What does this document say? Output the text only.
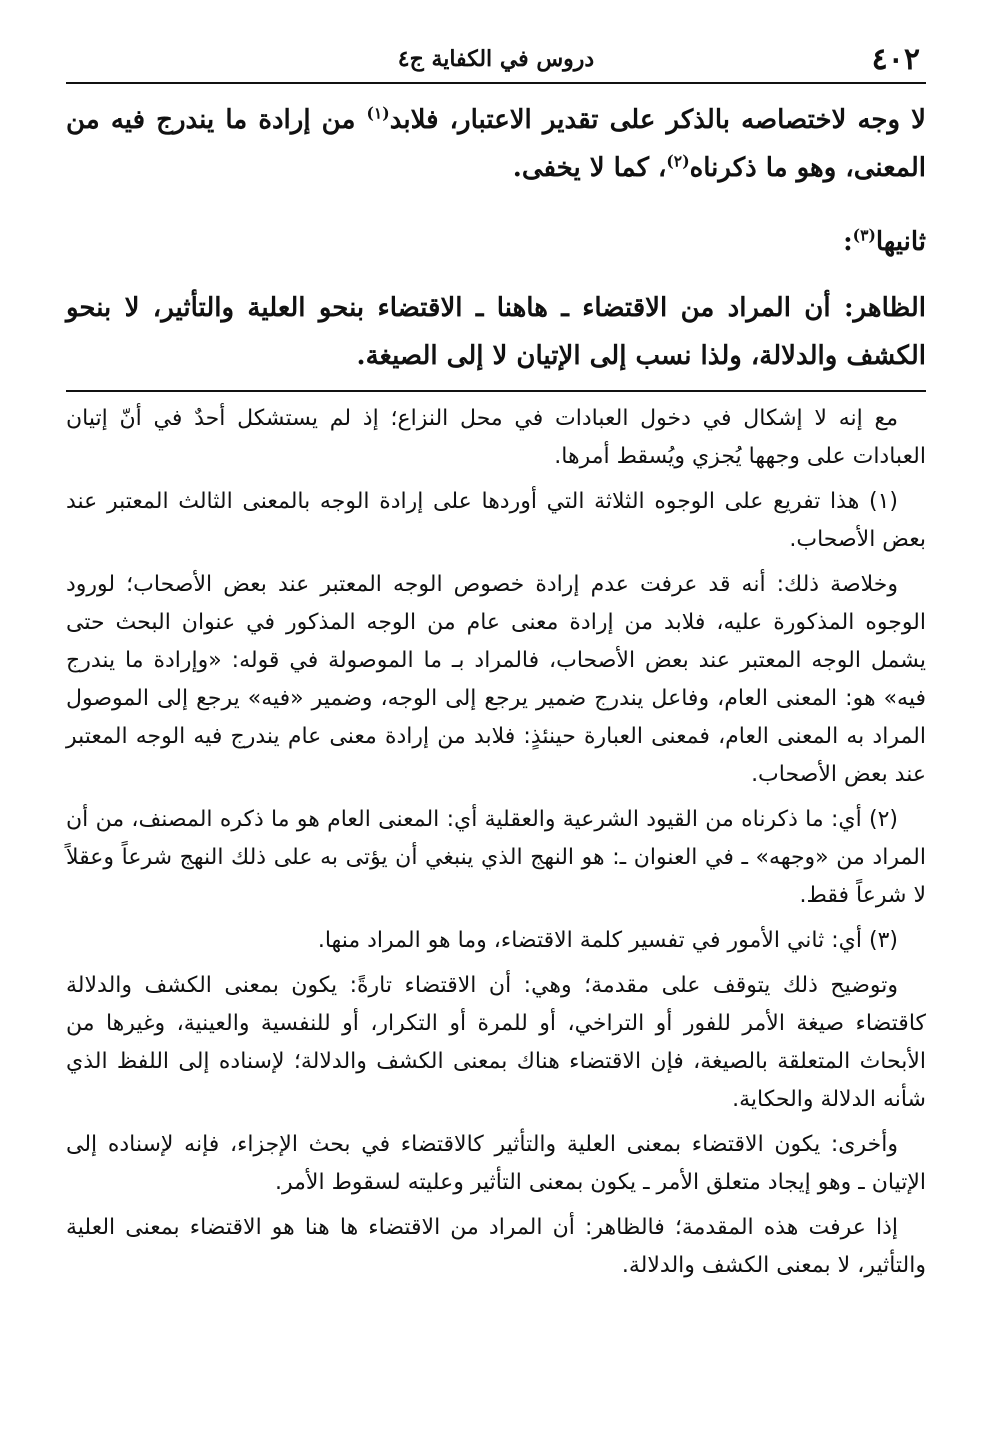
٤٠٢
دروس في الكفاية ج٤

لا وجه لاختصاصه بالذكر على تقدير الاعتبار، فلابد$^{(١)}$ من إرادة ما يندرج فيه من المعنى، وهو ما ذكرناه$^{(٢)}$، كما لا يخفى.

ثانيها$^{(٣)}$:

الظاهر: أن المراد من الاقتضاء ـ هاهنا ـ الاقتضاء بنحو العلية والتأثير، لا بنحو الكشف والدلالة، ولذا نسب إلى الإتيان لا إلى الصيغة.

مع إنه لا إشكال في دخول العبادات في محل النزاع؛ إذ لم يستشكل أحدٌ في أنّ إتيان العبادات على وجهها يُجزي ويُسقط أمرها.

(١) هذا تفريع على الوجوه الثلاثة التي أوردها على إرادة الوجه بالمعنى الثالث المعتبر عند بعض الأصحاب.

وخلاصة ذلك: أنه قد عرفت عدم إرادة خصوص الوجه المعتبر عند بعض الأصحاب؛ لورود الوجوه المذكورة عليه، فلابد من إرادة معنى عام من الوجه المذكور في عنوان البحث حتى يشمل الوجه المعتبر عند بعض الأصحاب، فالمراد بـ ما الموصولة في قوله: «وإرادة ما يندرج فيه» هو: المعنى العام، وفاعل يندرج ضمير يرجع إلى الوجه، وضمير «فيه» يرجع إلى الموصول المراد به المعنى العام، فمعنى العبارة حينئذٍ: فلابد من إرادة معنى عام يندرج فيه الوجه المعتبر عند بعض الأصحاب.

(٢) أي: ما ذكرناه من القيود الشرعية والعقلية أي: المعنى العام هو ما ذكره المصنف، من أن المراد من «وجهه» ـ في العنوان ـ: هو النهج الذي ينبغي أن يؤتى به على ذلك النهج شرعاً وعقلاً لا شرعاً فقط.

(٣) أي: ثاني الأمور في تفسير كلمة الاقتضاء، وما هو المراد منها.

وتوضيح ذلك يتوقف على مقدمة؛ وهي: أن الاقتضاء تارةً: يكون بمعنى الكشف والدلالة كاقتضاء صيغة الأمر للفور أو التراخي، أو للمرة أو التكرار، أو للنفسية والعينية، وغيرها من الأبحاث المتعلقة بالصيغة، فإن الاقتضاء هناك بمعنى الكشف والدلالة؛ لإسناده إلى اللفظ الذي شأنه الدلالة والحكاية.

وأخرى: يكون الاقتضاء بمعنى العلية والتأثير كالاقتضاء في بحث الإجزاء، فإنه لإسناده إلى الإتيان ـ وهو إيجاد متعلق الأمر ـ يكون بمعنى التأثير وعليته لسقوط الأمر.

إذا عرفت هذه المقدمة؛ فالظاهر: أن المراد من الاقتضاء ها هنا هو الاقتضاء بمعنى العلية والتأثير، لا بمعنى الكشف والدلالة.
